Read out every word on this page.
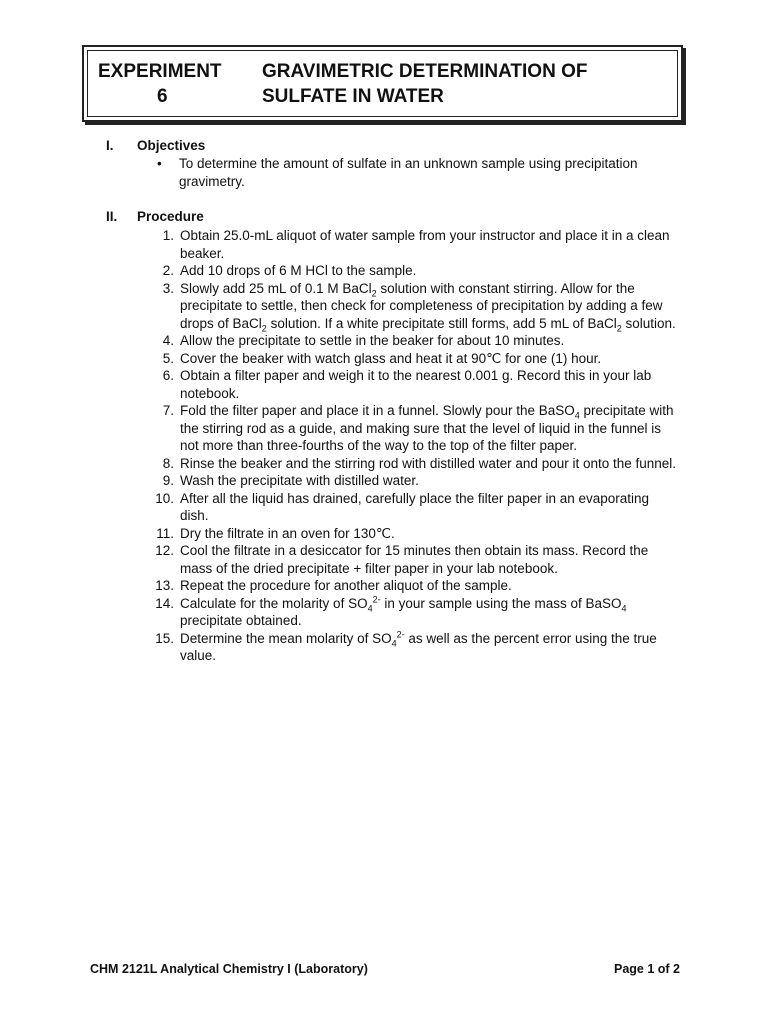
EXPERIMENT
6
GRAVIMETRIC DETERMINATION OF
SULFATE IN WATER
I. Objectives
• To determine the amount of sulfate in an unknown sample using precipitation gravimetry.
II. Procedure
1. Obtain 25.0-mL aliquot of water sample from your instructor and place it in a clean beaker.
2. Add 10 drops of 6 M HCl to the sample.
3. Slowly add 25 mL of 0.1 M BaCl$_2$ solution with constant stirring. Allow for the precipitate to settle, then check for completeness of precipitation by adding a few drops of BaCl$_2$ solution. If a white precipitate still forms, add 5 mL of BaCl$_2$ solution.
4. Allow the precipitate to settle in the beaker for about 10 minutes.
5. Cover the beaker with watch glass and heat it at 90℃ for one (1) hour.
6. Obtain a filter paper and weigh it to the nearest 0.001 g. Record this in your lab notebook.
7. Fold the filter paper and place it in a funnel. Slowly pour the BaSO$_4$ precipitate with the stirring rod as a guide, and making sure that the level of liquid in the funnel is not more than three-fourths of the way to the top of the filter paper.
8. Rinse the beaker and the stirring rod with distilled water and pour it onto the funnel.
9. Wash the precipitate with distilled water.
10. After all the liquid has drained, carefully place the filter paper in an evaporating dish.
11. Dry the filtrate in an oven for 130℃.
12. Cool the filtrate in a desiccator for 15 minutes then obtain its mass. Record the mass of the dried precipitate + filter paper in your lab notebook.
13. Repeat the procedure for another aliquot of the sample.
14. Calculate for the molarity of $SO_4^{2-}$ in your sample using the mass of BaSO$_4$ precipitate obtained.
15. Determine the mean molarity of $SO_4^{2-}$ as well as the percent error using the true value.
CHM 2121L Analytical Chemistry I (Laboratory)	Page 1 of 2
